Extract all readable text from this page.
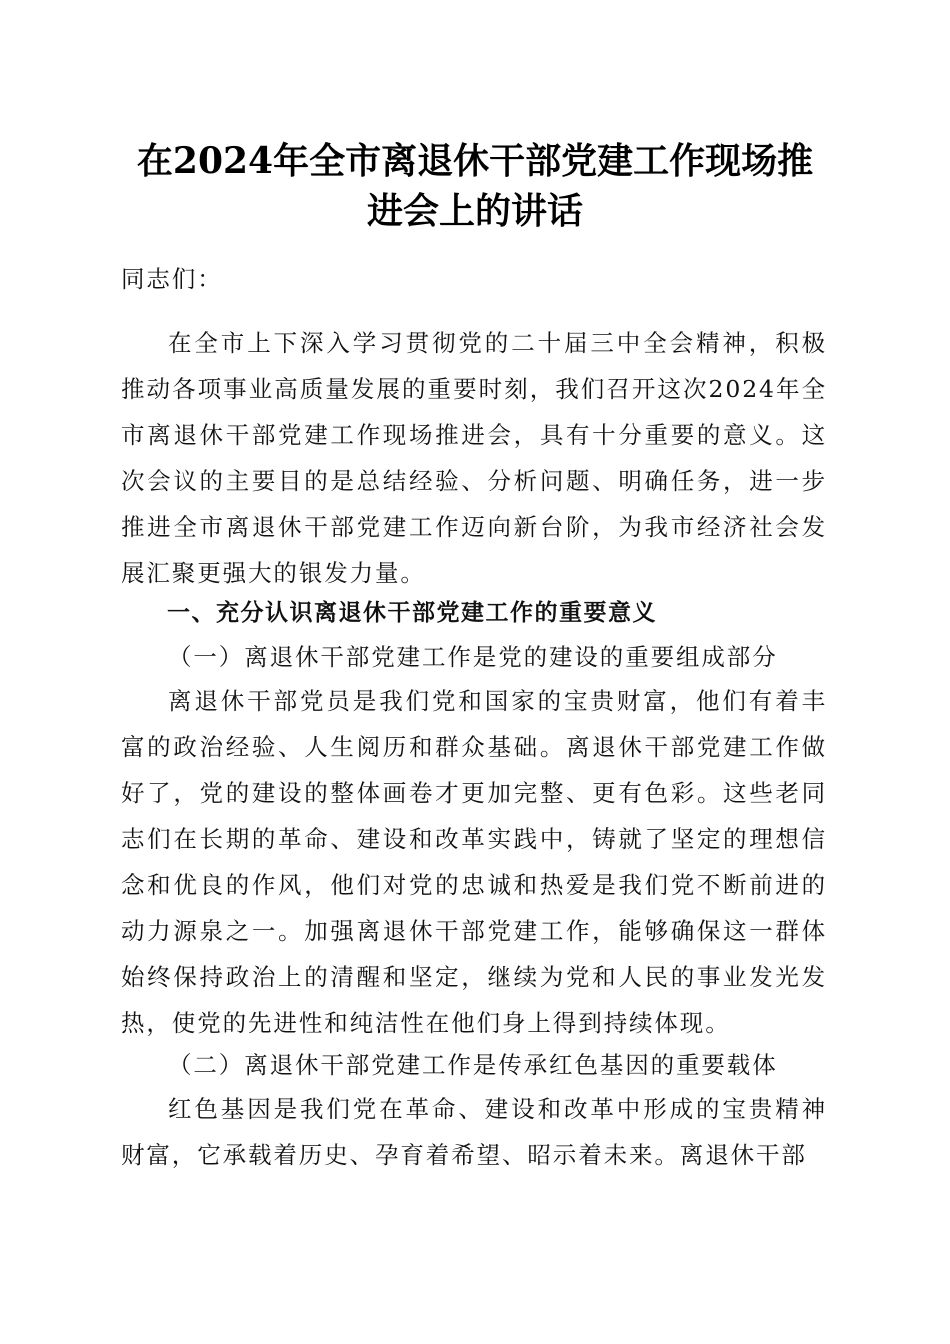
在2024年全市离退休干部党建工作现场推进会上的讲话

同志们：

在全市上下深入学习贯彻党的二十届三中全会精神，积极推动各项事业高质量发展的重要时刻，我们召开这次2024年全市离退休干部党建工作现场推进会，具有十分重要的意义。这次会议的主要目的是总结经验、分析问题、明确任务，进一步推进全市离退休干部党建工作迈向新台阶，为我市经济社会发展汇聚更强大的银发力量。

一、充分认识离退休干部党建工作的重要意义

（一）离退休干部党建工作是党的建设的重要组成部分

离退休干部党员是我们党和国家的宝贵财富，他们有着丰富的政治经验、人生阅历和群众基础。离退休干部党建工作做好了，党的建设的整体画卷才更加完整、更有色彩。这些老同志们在长期的革命、建设和改革实践中，铸就了坚定的理想信念和优良的作风，他们对党的忠诚和热爱是我们党不断前进的动力源泉之一。加强离退休干部党建工作，能够确保这一群体始终保持政治上的清醒和坚定，继续为党和人民的事业发光发热，使党的先进性和纯洁性在他们身上得到持续体现。

（二）离退休干部党建工作是传承红色基因的重要载体

红色基因是我们党在革命、建设和改革中形成的宝贵精神财富，它承载着历史、孕育着希望、昭示着未来。离退休干部
